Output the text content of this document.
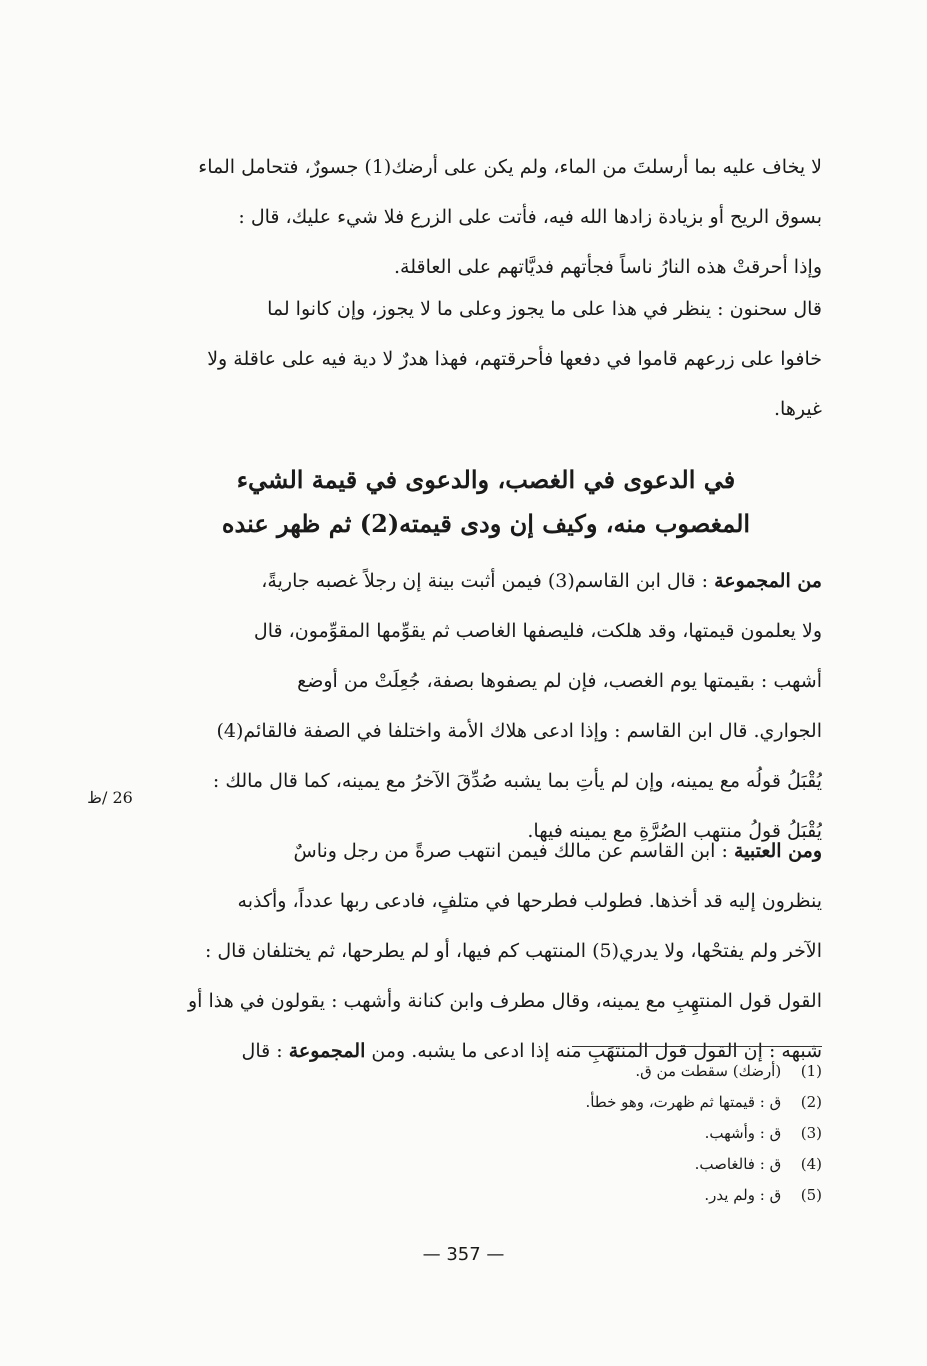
لا يخاف عليه بما أرسلتَ من الماء، ولم يكن على أرضك(1) جسورٌ، فتحامل الماء
بسوق الريح أو بزيادة زادها الله فيه، فأتت على الزرع فلا شيء عليك، قال :
وإذا أحرقتْ هذه النارُ ناساً فجأتهم فديَّاتهم على العاقلة.
قال سحنون : ينظر في هذا على ما يجوز وعلى ما لا يجوز، وإن كانوا لما
خافوا على زرعهم قاموا في دفعها فأحرقتهم، فهذا هدرٌ لا دية فيه على عاقلة ولا
غيرها.
في الدعوى في الغصب، والدعوى في قيمة الشيء
المغصوب منه، وكيف إن ودى قيمته(2) ثم ظهر عنده
من المجموعة : قال ابن القاسم(3) فيمن أثبت بينة إن رجلاً غصبه جاريةً،
ولا يعلمون قيمتها، وقد هلكت، فليصفها الغاصب ثم يقوِّمها المقوِّمون، قال
أشهب : بقيمتها يوم الغصب، فإن لم يصفوها بصفة، جُعِلَتْ من أوضع
الجواري. قال ابن القاسم : وإذا ادعى هلاك الأمة واختلفا في الصفة فالقائم(4)
يُقْبَلُ قولُه مع يمينه، وإن لم يأتِ بما يشبه صُدِّقَ الآخرُ مع يمينه، كما قال مالك :
يُقْبَلُ قولُ منتهب الصُرَّةِ مع يمينه فيها.
26 /ظ
ومن العتبية : ابن القاسم عن مالك فيمن انتهب صرةً من رجل وناسٌ
ينظرون إليه قد أخذها. فطولب فطرحها في متلفٍ، فادعى ربها عدداً، وأكذبه
الآخر ولم يفتحْها، ولا يدري(5) المنتهب كم فيها، أو لم يطرحها، ثم يختلفان قال :
القول قول المنتهِبِ مع يمينه، وقال مطرف وابن كنانة وأشهب : يقولون في هذا أو
شبهه : إن القول قول المنتهَبِ منه إذا ادعى ما يشبه. ومن المجموعة : قال
(1) (أرضك) سقطت من ق.
(2) ق : قيمتها ثم ظهرت، وهو خطأ.
(3) ق : وأشهب.
(4) ق : فالغاصب.
(5) ق : ولم يدر.
— 357 —
